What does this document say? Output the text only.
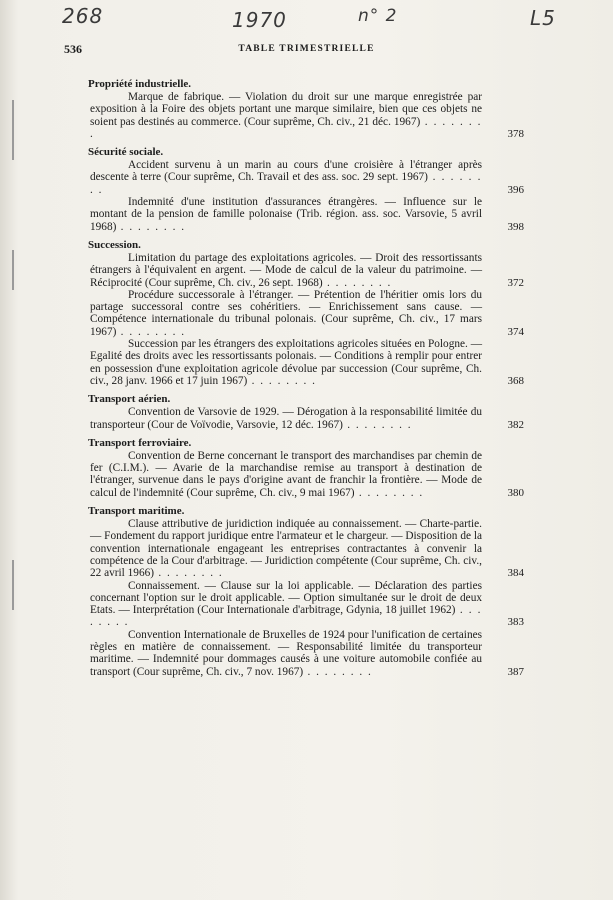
268	1970	n° 2	L5
536	TABLE TRIMESTRIELLE
Propriété industrielle.
Marque de fabrique. — Violation du droit sur une marque enregistrée par exposition à la Foire des objets portant une marque similaire, bien que ces objets ne soient pas destinés au commerce. (Cour suprême, Ch. civ., 21 déc. 1967) . . . . . . . .	378
Sécurité sociale.
Accident survenu à un marin au cours d'une croisière à l'étranger après descente à terre (Cour suprême, Ch. Travail et des ass. soc. 29 sept. 1967) . . . . . . . .	396
Indemnité d'une institution d'assurances étrangères. — Influence sur le montant de la pension de famille polonaise (Trib. région. ass. soc. Varsovie, 5 avril 1968) . . . . . . . .	398
Succession.
Limitation du partage des exploitations agricoles. — Droit des ressortissants étrangers à l'équivalent en argent. — Mode de calcul de la valeur du patrimoine. — Réciprocité (Cour suprême, Ch. civ., 26 sept. 1968) . . . . . . . .	372
Procédure successorale à l'étranger. — Prétention de l'héritier omis lors du partage successoral contre ses cohéritiers. — Enrichissement sans cause. — Compétence internationale du tribunal polonais. (Cour suprême, Ch. civ., 17 mars 1967) . . . . . . . .	374
Succession par les étrangers des exploitations agricoles situées en Pologne. — Egalité des droits avec les ressortissants polonais. — Conditions à remplir pour entrer en possession d'une exploitation agricole dévolue par succession (Cour suprême, Ch. civ., 28 janv. 1966 et 17 juin 1967) . . . . . . . .	368
Transport aérien.
Convention de Varsovie de 1929. — Dérogation à la responsabilité limitée du transporteur (Cour de Voïvodie, Varsovie, 12 déc. 1967) . . . . . . . .	382
Transport ferroviaire.
Convention de Berne concernant le transport des marchandises par chemin de fer (C.I.M.). — Avarie de la marchandise remise au transport à destination de l'étranger, survenue dans le pays d'origine avant de franchir la frontière. — Mode de calcul de l'indemnité (Cour suprême, Ch. civ., 9 mai 1967) . . . . . . . .	380
Transport maritime.
Clause attributive de juridiction indiquée au connaissement. — Charte-partie. — Fondement du rapport juridique entre l'armateur et le chargeur. — Disposition de la convention internationale engageant les entreprises contractantes à convenir la compétence de la Cour d'arbitrage. — Juridiction compétente (Cour suprême, Ch. civ., 22 avril 1966) . . . . . . . .	384
Connaissement. — Clause sur la loi applicable. — Déclaration des parties concernant l'option sur le droit applicable. — Option simultanée sur le droit de deux Etats. — Interprétation (Cour Internationale d'arbitrage, Gdynia, 18 juillet 1962) . . . . . . . .	383
Convention Internationale de Bruxelles de 1924 pour l'unification de certaines règles en matière de connaissement. — Responsabilité limitée du transporteur maritime. — Indemnité pour dommages causés à une voiture automobile confiée au transport (Cour suprême, Ch. civ., 7 nov. 1967) . . . . . . . .	387
